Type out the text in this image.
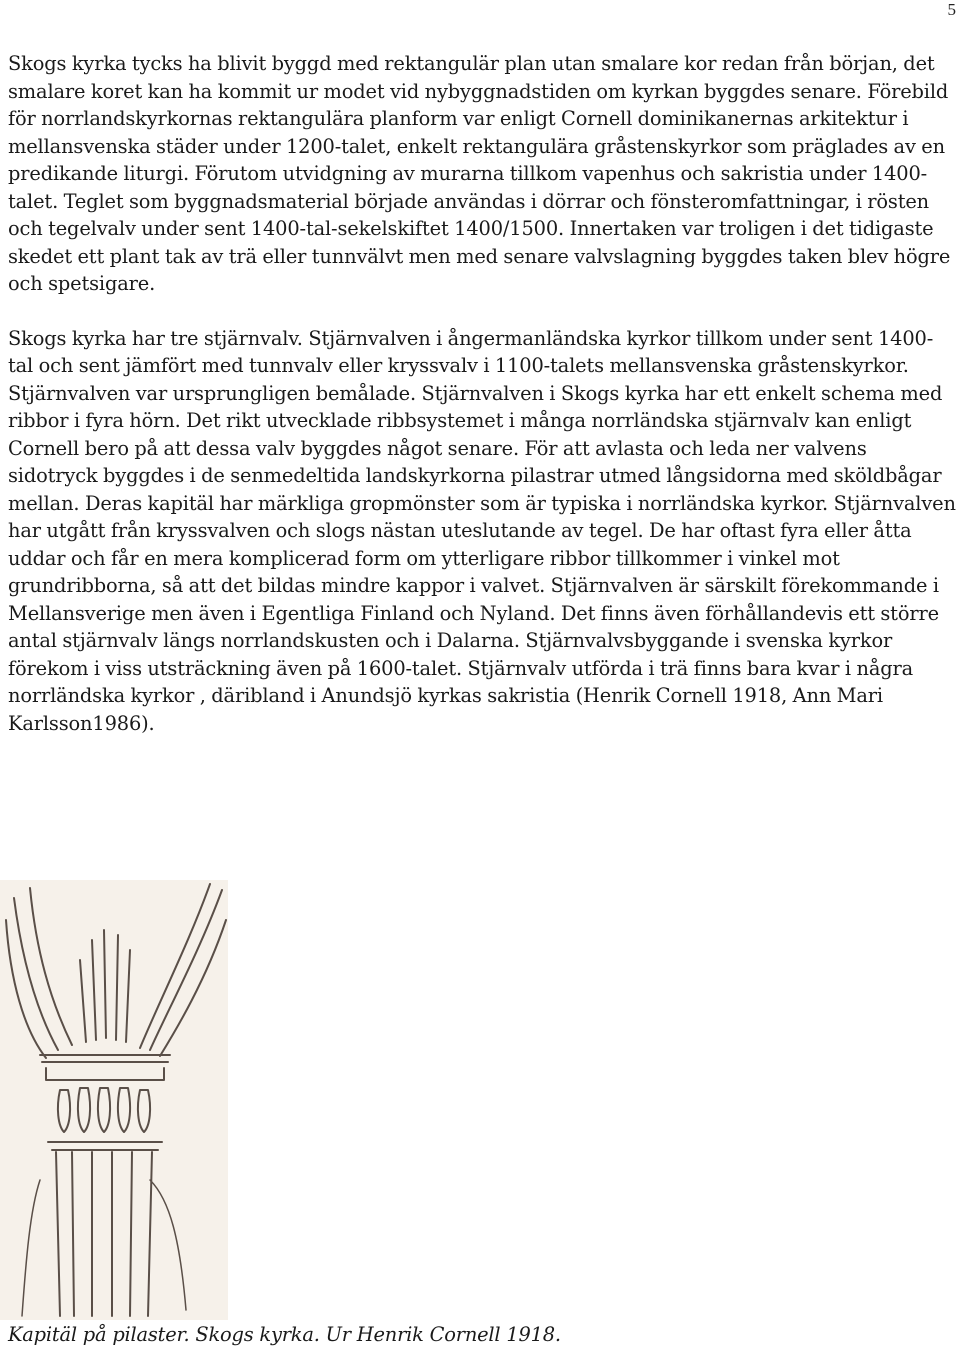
5

Skogs kyrka tycks ha blivit byggd med rektangulär plan utan smalare kor redan från början, det smalare koret kan ha kommit ur modet vid nybyggnadstiden om kyrkan byggdes senare. Förebild för norrlandskyrkornas rektangulära planform var enligt Cornell dominikanernas arkitektur i mellansvenska städer under 1200-talet, enkelt rektangulära gråstenskyrkor som präglades av en predikande liturgi. Förutom utvidgning av murarna tillkom vapenhus och sakristia under 1400- talet. Teglet som byggnadsmaterial började användas i dörrar och fönsteromfattningar, i rösten och tegelvalv under sent 1400-tal-sekelskiftet 1400/1500. Innertaken var troligen i det tidigaste skedet ett plant tak av trä eller tunnvälvt men med senare valvslagning byggdes taken blev högre och spetsigare.

Skogs kyrka har tre stjärnvalv. Stjärnvalven i ångermanländska kyrkor tillkom under sent 1400-tal och sent jämfört med tunnvalv eller kryssvalv i 1100-talets mellansvenska gråstenskyrkor. Stjärnvalven var ursprungligen bemålade. Stjärnvalven i Skogs kyrka har ett enkelt schema med ribbor i fyra hörn. Det rikt utvecklade ribbsystemet i många norrländska stjärnvalv kan enligt Cornell bero på att dessa valv byggdes något senare. För att avlasta och leda ner valvens sidotryck byggdes i de senmedeltida landskyrkorna pilastrar utmed långsidorna med sköldbågar mellan. Deras kapitäl har märkliga gropmönster som är typiska i norrländska kyrkor. Stjärnvalven har utgått från kryssvalven och slogs nästan uteslutande av tegel. De har oftast fyra eller åtta uddar och får en mera komplicerad form om ytterligare ribbor tillkommer i vinkel mot grundribborna, så att det bildas mindre kappor i valvet. Stjärnvalven är särskilt förekommande i Mellansverige men även i Egentliga Finland och Nyland. Det finns även förhållandevis ett större antal stjärnvalv längs norrlandskusten och i Dalarna. Stjärnvalvsbyggande i svenska kyrkor förekom i viss utsträckning även på 1600-talet. Stjärnvalv utförda i trä finns bara kvar i några norrländska kyrkor , däribland i Anundsjö kyrkas sakristia (Henrik Cornell 1918, Ann Mari Karlsson1986).

Kapitäl på pilaster. Skogs kyrka. Ur Henrik Cornell 1918.
